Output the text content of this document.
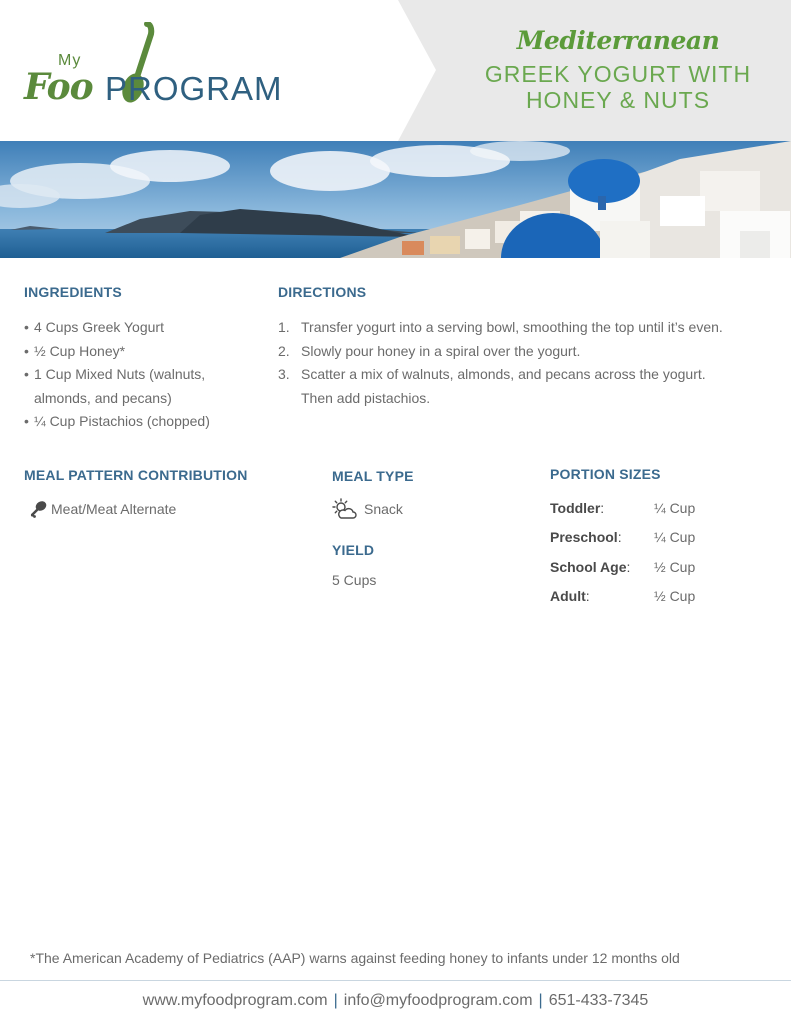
My
Foo PROGRAM
Mediterranean
GREEK YOGURT WITH
HONEY & NUTS
INGREDIENTS
• 4 Cups Greek Yogurt
• ½ Cup Honey*
• 1 Cup Mixed Nuts (walnuts,
almonds, and pecans)
• ¼ Cup Pistachios (chopped)
DIRECTIONS
1. Transfer yogurt into a serving bowl, smoothing the top until it’s even.
2. Slowly pour honey in a spiral over the yogurt.
3. Scatter a mix of walnuts, almonds, and pecans across the yogurt.
Then add pistachios.
MEAL PATTERN CONTRIBUTION
Meat/Meat Alternate
MEAL TYPE
Snack
YIELD
5 Cups
PORTION SIZES
Toddler:	¼ Cup
Preschool: ¼ Cup
School Age: ½ Cup
Adult:	½ Cup
*The American Academy of Pediatrics (AAP) warns against feeding honey to infants under 12 months old
www.myfoodprogram.com | info@myfoodprogram.com | 651-433-7345
